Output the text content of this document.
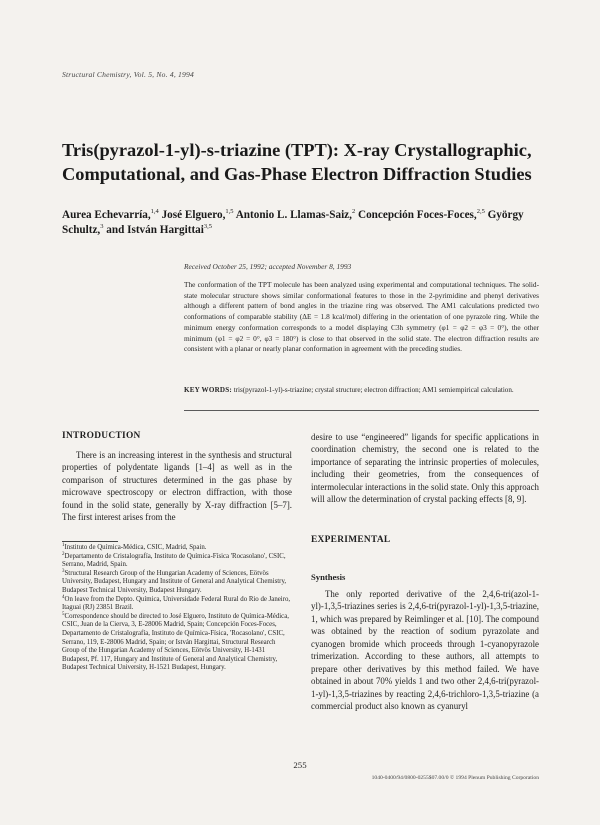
Structural Chemistry, Vol. 5, No. 4, 1994
Tris(pyrazol-1-yl)-s-triazine (TPT): X-ray Crystallographic, Computational, and Gas-Phase Electron Diffraction Studies
Aurea Echevarría,$^{1,4}$ José Elguero,$^{1,5}$ Antonio L. Llamas-Saiz,$^2$ Concepción Foces-Foces,$^{2,5}$ György Schultz,$^3$ and István Hargittai$^{3,5}$
Received October 25, 1992; accepted November 8, 1993

The conformation of the TPT molecule has been analyzed using experimental and computational techniques. The solid-state molecular structure shows similar conformational features to those in the 2-pyrimidine and phenyl derivatives although a different pattern of bond angles in the triazine ring was observed. The AM1 calculations predicted two conformations of comparable stability (ΔE = 1.8 kcal/mol) differing in the orientation of one pyrazole ring. While the minimum energy conformation corresponds to a model displaying C3h symmetry (φ1 = φ2 = φ3 = 0°), the other minimum (φ1 = φ2 = 0°, φ3 = 180°) is close to that observed in the solid state. The electron diffraction results are consistent with a planar or nearly planar conformation in agreement with the preceding studies.

KEY WORDS: tris(pyrazol-1-yl)-s-triazine; crystal structure; electron diffraction; AM1 semiempirical calculation.
INTRODUCTION

There is an increasing interest in the synthesis and structural properties of polydentate ligands [1–4] as well as in the comparison of structures determined in the gas phase by microwave spectroscopy or electron diffraction, with those found in the solid state, generally by X-ray diffraction [5–7]. The first interest arises from the

$^1$Instituto de Química-Médica, CSIC, Madrid, Spain.

$^2$Departamento de Cristalografía, Instituto de Química-Física 'Rocasolano', CSIC, Serrano, Madrid, Spain.

$^3$Structural Research Group of the Hungarian Academy of Sciences, Eötvös University, Budapest, Hungary and Institute of General and Analytical Chemistry, Budapest Technical University, Budapest Hungary.

$^4$On leave from the Depto. Química, Universidade Federal Rural do Rio de Janeiro, Itaguai (RJ) 23851 Brazil.

$^5$Correspondence should be directed to José Elguero, Instituto de Química-Médica, CSIC, Juan de la Cierva, 3, E-28006 Madrid, Spain; Concepción Foces-Foces, Departamento de Cristalografía, Instituto de Química-Física, 'Rocasolano', CSIC, Serrano, 119, E-28006 Madrid, Spain; or István Hargittai, Structural Research Group of the Hungarian Academy of Sciences, Eötvös University, H-1431 Budapest, Pf. 117, Hungary and Institute of General and Analytical Chemistry, Budapest Technical University, H-1521 Budapest, Hungary.

desire to use “engineered” ligands for specific applications in coordination chemistry, the second one is related to the importance of separating the intrinsic properties of molecules, including their geometries, from the consequences of intermolecular interactions in the solid state. Only this approach will allow the determination of crystal packing effects [8, 9].

EXPERIMENTAL
Synthesis

The only reported derivative of the 2,4,6-tri(azol-1-yl)-1,3,5-triazines series is 2,4,6-tri(pyrazol-1-yl)-1,3,5-triazine, 1, which was prepared by Reimlinger et al. [10]. The compound was obtained by the reaction of sodium pyrazolate and cyanogen bromide which proceeds through 1-cyanopyrazole trimerization. According to these authors, all attempts to prepare other derivatives by this method failed. We have obtained in about 70% yields 1 and two other 2,4,6-tri(pyrazol-1-yl)-1,3,5-triazines by reacting 2,4,6-trichloro-1,3,5-triazine (a commercial product also known as cyanuryl

255
1040-0400/94/0800-0255$07.00/0 © 1994 Plenum Publishing Corporation
